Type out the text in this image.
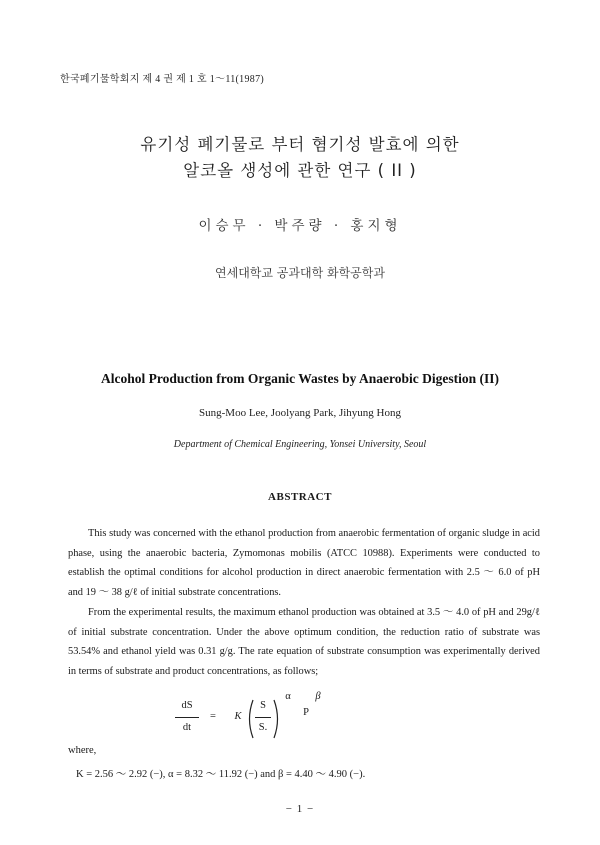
한국폐기물학회지 제 4 권 제 1 호 1～11(1987)
유기성 폐기물로 부터 혐기성 발효에 의한
알코올 생성에 관한 연구 ( II )
이승무 · 박주량 · 홍지형
연세대학교 공과대학 화학공학과
Alcohol Production from Organic Wastes by Anaerobic Digestion (II)
Sung-Moo Lee, Joolyang Park, Jihyung Hong
Department of Chemical Engineering, Yonsei University, Seoul
ABSTRACT
This study was concerned with the ethanol production from anaerobic fermentation of organic sludge in acid phase, using the anaerobic bacteria, Zymomonas mobilis (ATCC 10988). Experiments were conducted to establish the optimal conditions for alcohol production in direct anaerobic fermentation with 2.5 ～ 6.0 of pH and 19 ～ 38 g/ℓ of initial substrate concentrations.
From the experimental results, the maximum ethanol production was obtained at 3.5 ～ 4.0 of pH and 29g/ℓ of initial substrate concentration. Under the above optimum condition, the reduction ratio of substrate was 53.54% and ethanol yield was 0.31 g/g. The rate equation of substrate consumption was experimentally derived in terms of substrate and product concentrations, as follows;
dS
dt
=	K
S
S.
α	β
P
where,
K = 2.56 ～ 2.92 (−), α = 8.32 ～ 11.92 (−) and β = 4.40 ～ 4.90 (−).
− 1 −
